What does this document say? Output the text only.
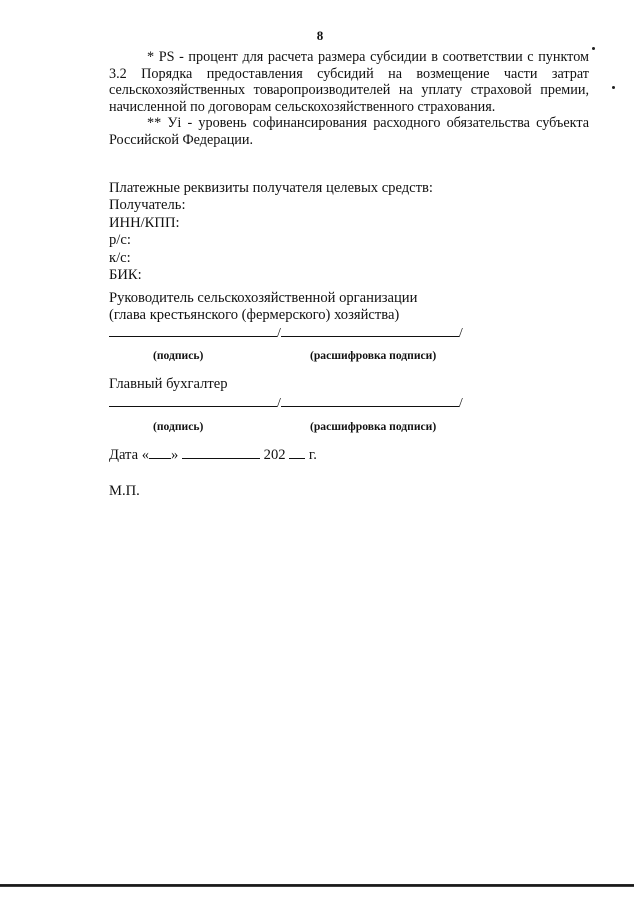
8

* PS - процент для расчета размера субсидии в соответствии с пунктом 3.2 Порядка предоставления субсидий на возмещение части затрат сельскохозяйственных товаропроизводителей на уплату страховой премии, начисленной по договорам сельскохозяйственного страхования.

** Уi - уровень софинансирования расходного обязательства субъекта Российской Федерации.

Платежные реквизиты получателя целевых средств:
Получатель:
ИНН/КПП:
р/с:
к/с:
БИК:
Руководитель сельскохозяйственной организации
(глава крестьянского (фермерского) хозяйства)
/	/
(подпись)	(расшифровка подписи)
Главный бухгалтер
/	/
(подпись)	(расшифровка подписи)
Дата « »	202 г.
М.П.
